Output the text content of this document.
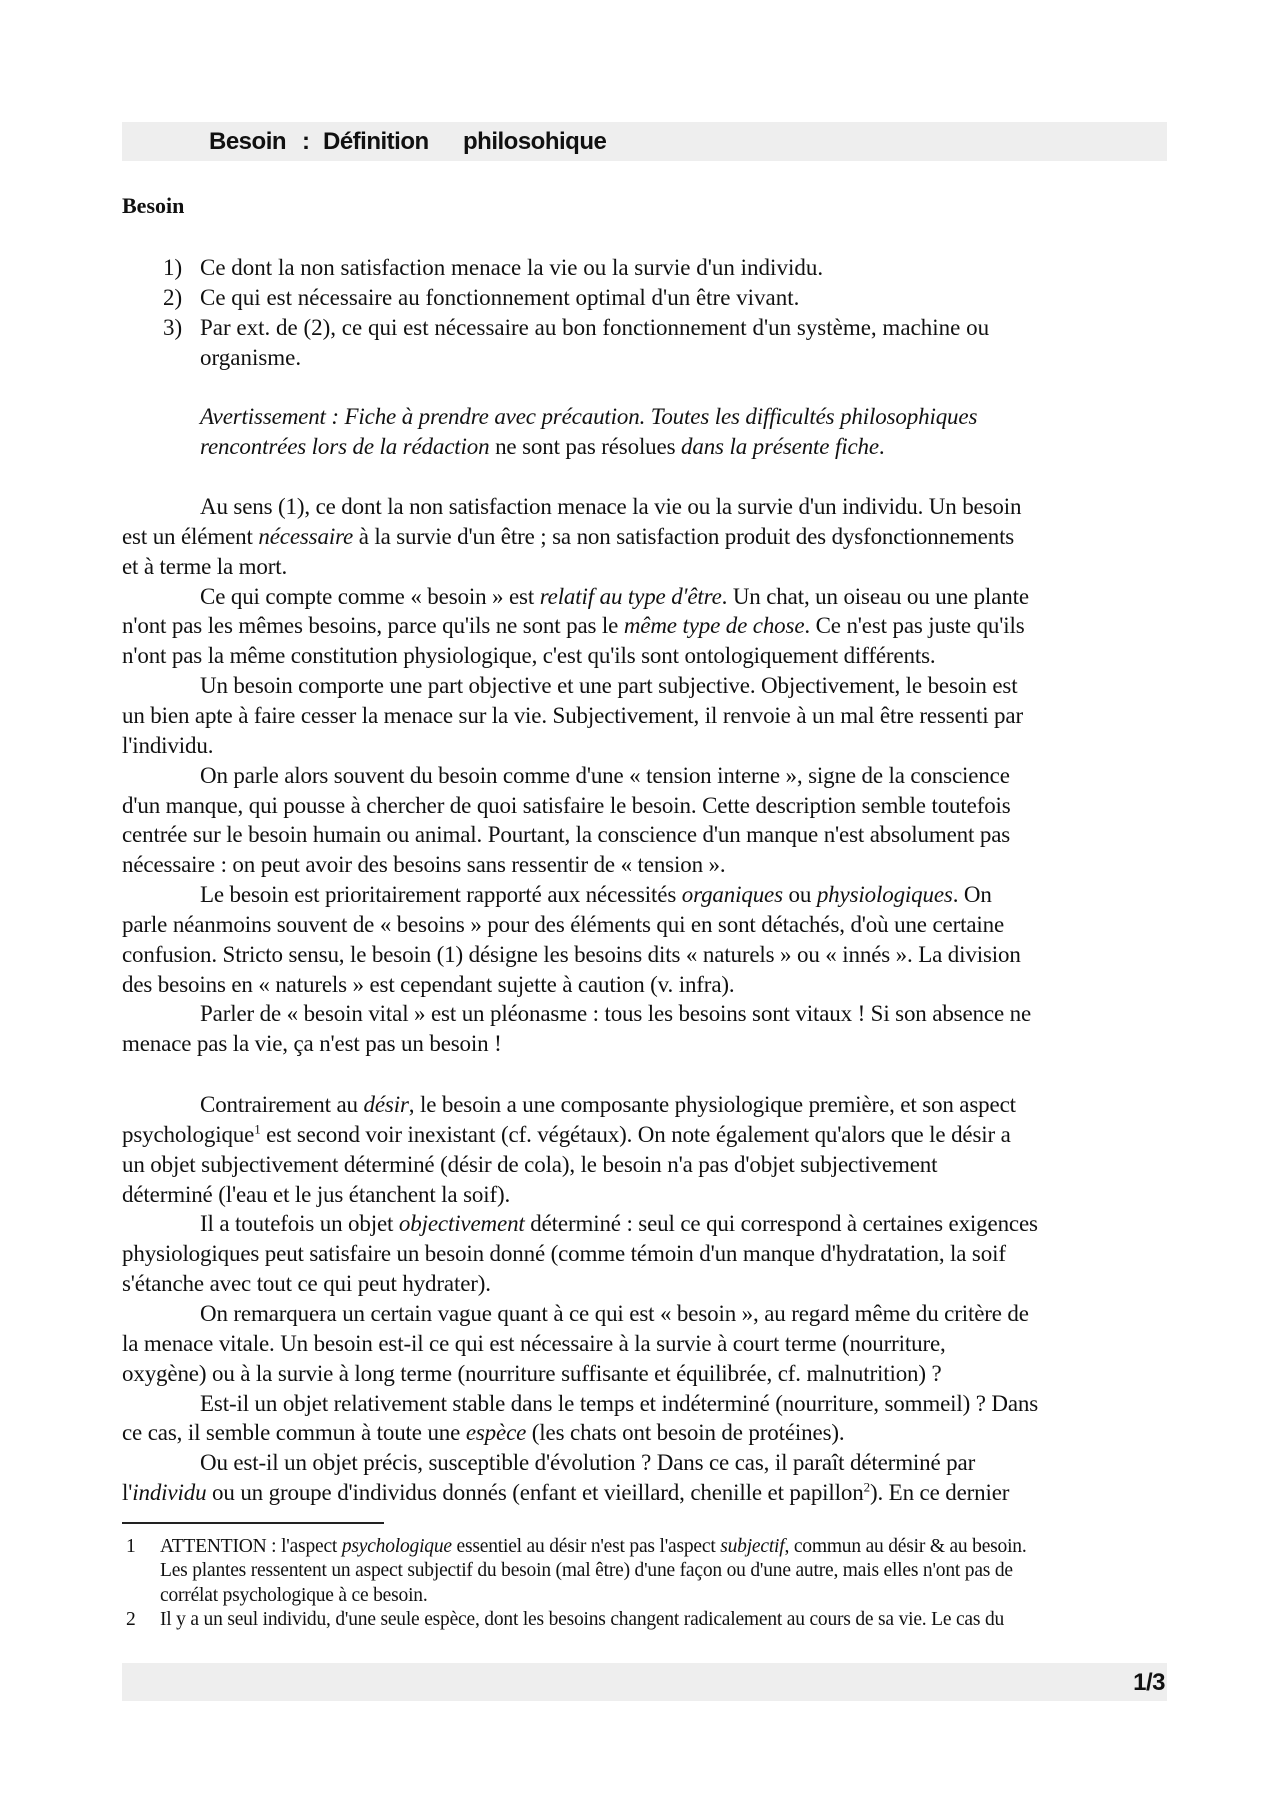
Besoin : Définition philosohique
Besoin
1) Ce dont la non satisfaction menace la vie ou la survie d'un individu.
2) Ce qui est nécessaire au fonctionnement optimal d'un être vivant.
3) Par ext. de (2), ce qui est nécessaire au bon fonctionnement d'un système, machine ou
organisme.
Avertissement : Fiche à prendre avec précaution. Toutes les difficultés philosophiques
rencontrées lors de la rédaction ne sont pas résolues dans la présente fiche.
Au sens (1), ce dont la non satisfaction menace la vie ou la survie d'un individu. Un besoin
est un élément nécessaire à la survie d'un être ; sa non satisfaction produit des dysfonctionnements
et à terme la mort.
Ce qui compte comme « besoin » est relatif au type d'être. Un chat, un oiseau ou une plante
n'ont pas les mêmes besoins, parce qu'ils ne sont pas le même type de chose. Ce n'est pas juste qu'ils
n'ont pas la même constitution physiologique, c'est qu'ils sont ontologiquement différents.
Un besoin comporte une part objective et une part subjective. Objectivement, le besoin est
un bien apte à faire cesser la menace sur la vie. Subjectivement, il renvoie à un mal être ressenti par
l'individu.
On parle alors souvent du besoin comme d'une « tension interne », signe de la conscience
d'un manque, qui pousse à chercher de quoi satisfaire le besoin. Cette description semble toutefois
centrée sur le besoin humain ou animal. Pourtant, la conscience d'un manque n'est absolument pas
nécessaire : on peut avoir des besoins sans ressentir de « tension ».
Le besoin est prioritairement rapporté aux nécessités organiques ou physiologiques. On
parle néanmoins souvent de « besoins » pour des éléments qui en sont détachés, d'où une certaine
confusion. Stricto sensu, le besoin (1) désigne les besoins dits « naturels » ou « innés ». La division
des besoins en « naturels » est cependant sujette à caution (v. infra).
Parler de « besoin vital » est un pléonasme : tous les besoins sont vitaux ! Si son absence ne
menace pas la vie, ça n'est pas un besoin !
Contrairement au désir, le besoin a une composante physiologique première, et son aspect
psychologique$^1$ est second voir inexistant (cf. végétaux). On note également qu'alors que le désir a
un objet subjectivement déterminé (désir de cola), le besoin n'a pas d'objet subjectivement
déterminé (l'eau et le jus étanchent la soif).
Il a toutefois un objet objectivement déterminé : seul ce qui correspond à certaines exigences
physiologiques peut satisfaire un besoin donné (comme témoin d'un manque d'hydratation, la soif
s'étanche avec tout ce qui peut hydrater).
On remarquera un certain vague quant à ce qui est « besoin », au regard même du critère de
la menace vitale. Un besoin est-il ce qui est nécessaire à la survie à court terme (nourriture,
oxygène) ou à la survie à long terme (nourriture suffisante et équilibrée, cf. malnutrition) ?
Est-il un objet relativement stable dans le temps et indéterminé (nourriture, sommeil) ? Dans
ce cas, il semble commun à toute une espèce (les chats ont besoin de protéines).
Ou est-il un objet précis, susceptible d'évolution ? Dans ce cas, il paraît déterminé par
l'individu ou un groupe d'individus donnés (enfant et vieillard, chenille et papillon$^2$). En ce dernier
1 ATTENTION : l'aspect psychologique essentiel au désir n'est pas l'aspect subjectif, commun au désir & au besoin.
Les plantes ressentent un aspect subjectif du besoin (mal être) d'une façon ou d'une autre, mais elles n'ont pas de
corrélat psychologique à ce besoin.
2 Il y a un seul individu, d'une seule espèce, dont les besoins changent radicalement au cours de sa vie. Le cas du
1/3
